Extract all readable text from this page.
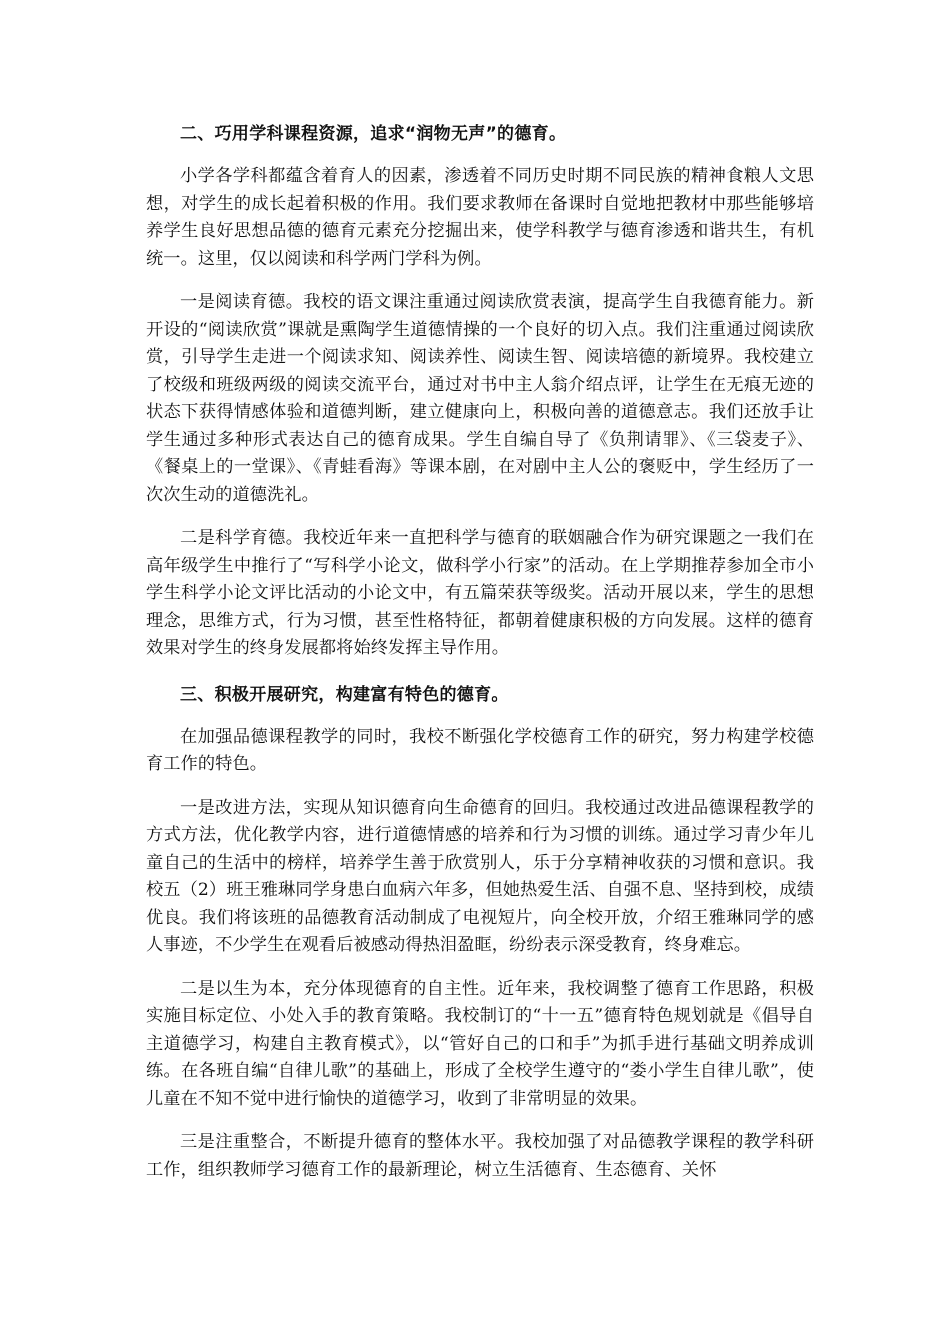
二、巧用学科课程资源，追求“润物无声”的德育。

小学各学科都蕴含着育人的因素，渗透着不同历史时期不同民族的精神食粮人文思想，对学生的成长起着积极的作用。我们要求教师在备课时自觉地把教材中那些能够培养学生良好思想品德的德育元素充分挖掘出来，使学科教学与德育渗透和谐共生，有机统一。这里，仅以阅读和科学两门学科为例。

一是阅读育德。我校的语文课注重通过阅读欣赏表演，提高学生自我德育能力。新开设的“阅读欣赏”课就是熏陶学生道德情操的一个良好的切入点。我们注重通过阅读欣赏，引导学生走进一个阅读求知、阅读养性、阅读生智、阅读培德的新境界。我校建立了校级和班级两级的阅读交流平台，通过对书中主人翁介绍点评，让学生在无痕无迹的状态下获得情感体验和道德判断，建立健康向上，积极向善的道德意志。我们还放手让学生通过多种形式表达自己的德育成果。学生自编自导了《负荆请罪》、《三袋麦子》、《餐桌上的一堂课》、《青蛙看海》等课本剧，在对剧中主人公的褒贬中，学生经历了一次次生动的道德洗礼。

二是科学育德。我校近年来一直把科学与德育的联姻融合作为研究课题之一我们在高年级学生中推行了“写科学小论文，做科学小行家”的活动。在上学期推荐参加全市小学生科学小论文评比活动的小论文中，有五篇荣获等级奖。活动开展以来，学生的思想理念，思维方式，行为习惯，甚至性格特征，都朝着健康积极的方向发展。这样的德育效果对学生的终身发展都将始终发挥主导作用。

三、积极开展研究，构建富有特色的德育。

在加强品德课程教学的同时，我校不断强化学校德育工作的研究，努力构建学校德育工作的特色。

一是改进方法，实现从知识德育向生命德育的回归。我校通过改进品德课程教学的方式方法，优化教学内容，进行道德情感的培养和行为习惯的训练。通过学习青少年儿童自己的生活中的榜样，培养学生善于欣赏别人，乐于分享精神收获的习惯和意识。我校五（2）班王雅琳同学身患白血病六年多，但她热爱生活、自强不息、坚持到校，成绩优良。我们将该班的品德教育活动制成了电视短片，向全校开放，介绍王雅琳同学的感人事迹，不少学生在观看后被感动得热泪盈眶，纷纷表示深受教育，终身难忘。

二是以生为本，充分体现德育的自主性。近年来，我校调整了德育工作思路，积极实施目标定位、小处入手的教育策略。我校制订的“十一五”德育特色规划就是《倡导自主道德学习，构建自主教育模式》，以“管好自己的口和手”为抓手进行基础文明养成训练。在各班自编“自律儿歌”的基础上，形成了全校学生遵守的“娄小学生自律儿歌”，使儿童在不知不觉中进行愉快的道德学习，收到了非常明显的效果。

三是注重整合，不断提升德育的整体水平。我校加强了对品德教学课程的教学科研工作，组织教师学习德育工作的最新理论，树立生活德育、生态德育、关怀
